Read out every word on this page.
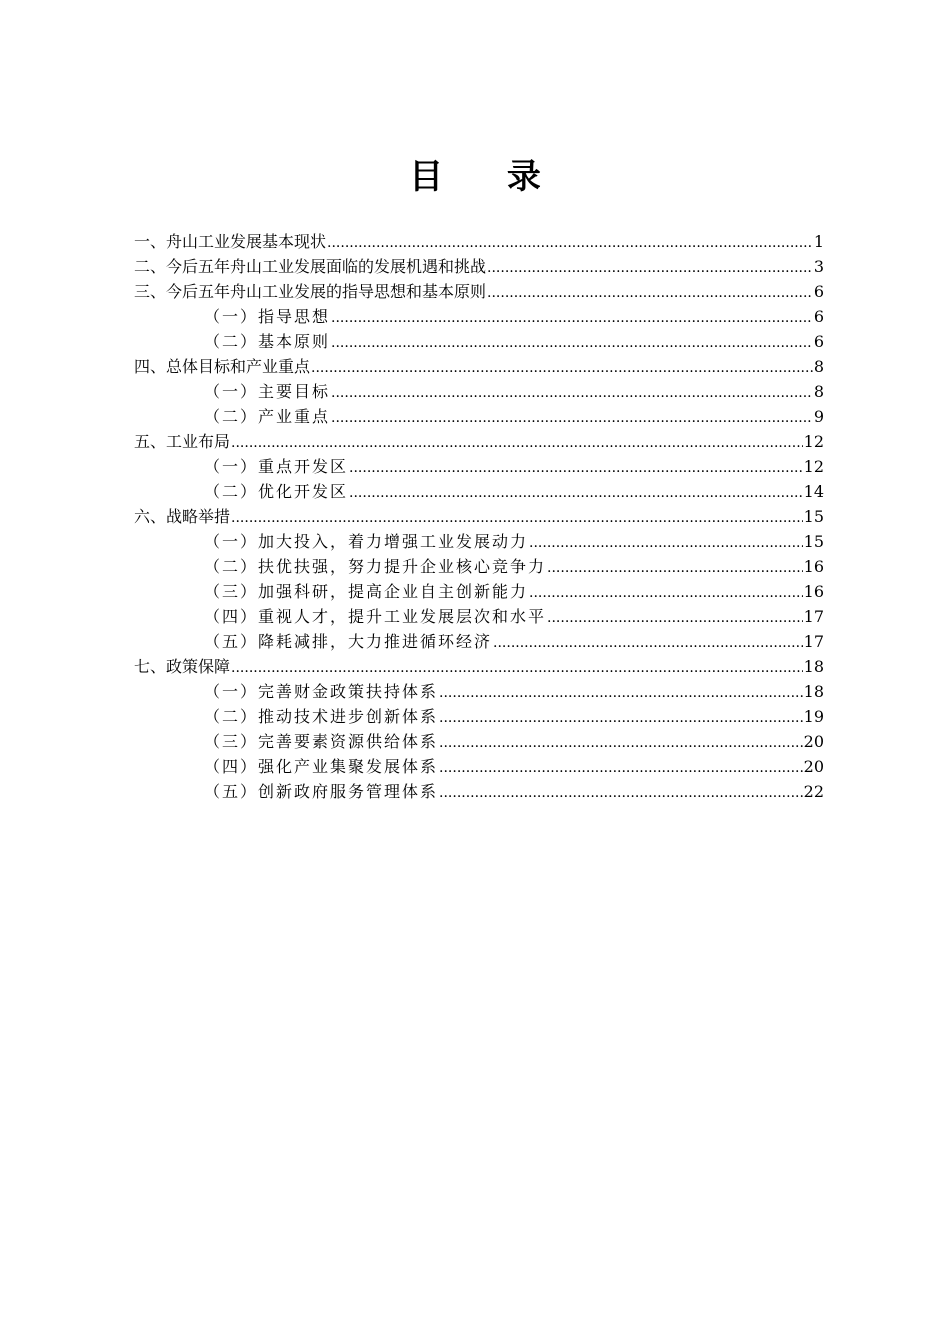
目 录
一、舟山工业发展基本现状 .....	1
二、今后五年舟山工业发展面临的发展机遇和挑战 .....	3
三、今后五年舟山工业发展的指导思想和基本原则 .....	6
（一）指导思想 .....	6
（二）基本原则 .....	6
四、总体目标和产业重点 .....	8
（一）主要目标 .....	8
（二）产业重点 .....	9
五、工业布局 .....	12
（一）重点开发区 .....	12
（二）优化开发区 .....	14
六、战略举措 .....	15
（一）加大投入，着力增强工业发展动力 .....	15
（二）扶优扶强，努力提升企业核心竞争力 .....	16
（三）加强科研，提高企业自主创新能力 .....	16
（四）重视人才，提升工业发展层次和水平 .....	17
（五）降耗减排，大力推进循环经济 .....	17
七、政策保障 .....	18
（一）完善财金政策扶持体系 .....	18
（二）推动技术进步创新体系 .....	19
（三）完善要素资源供给体系 .....	20
（四）强化产业集聚发展体系 .....	20
（五）创新政府服务管理体系 .....	22
